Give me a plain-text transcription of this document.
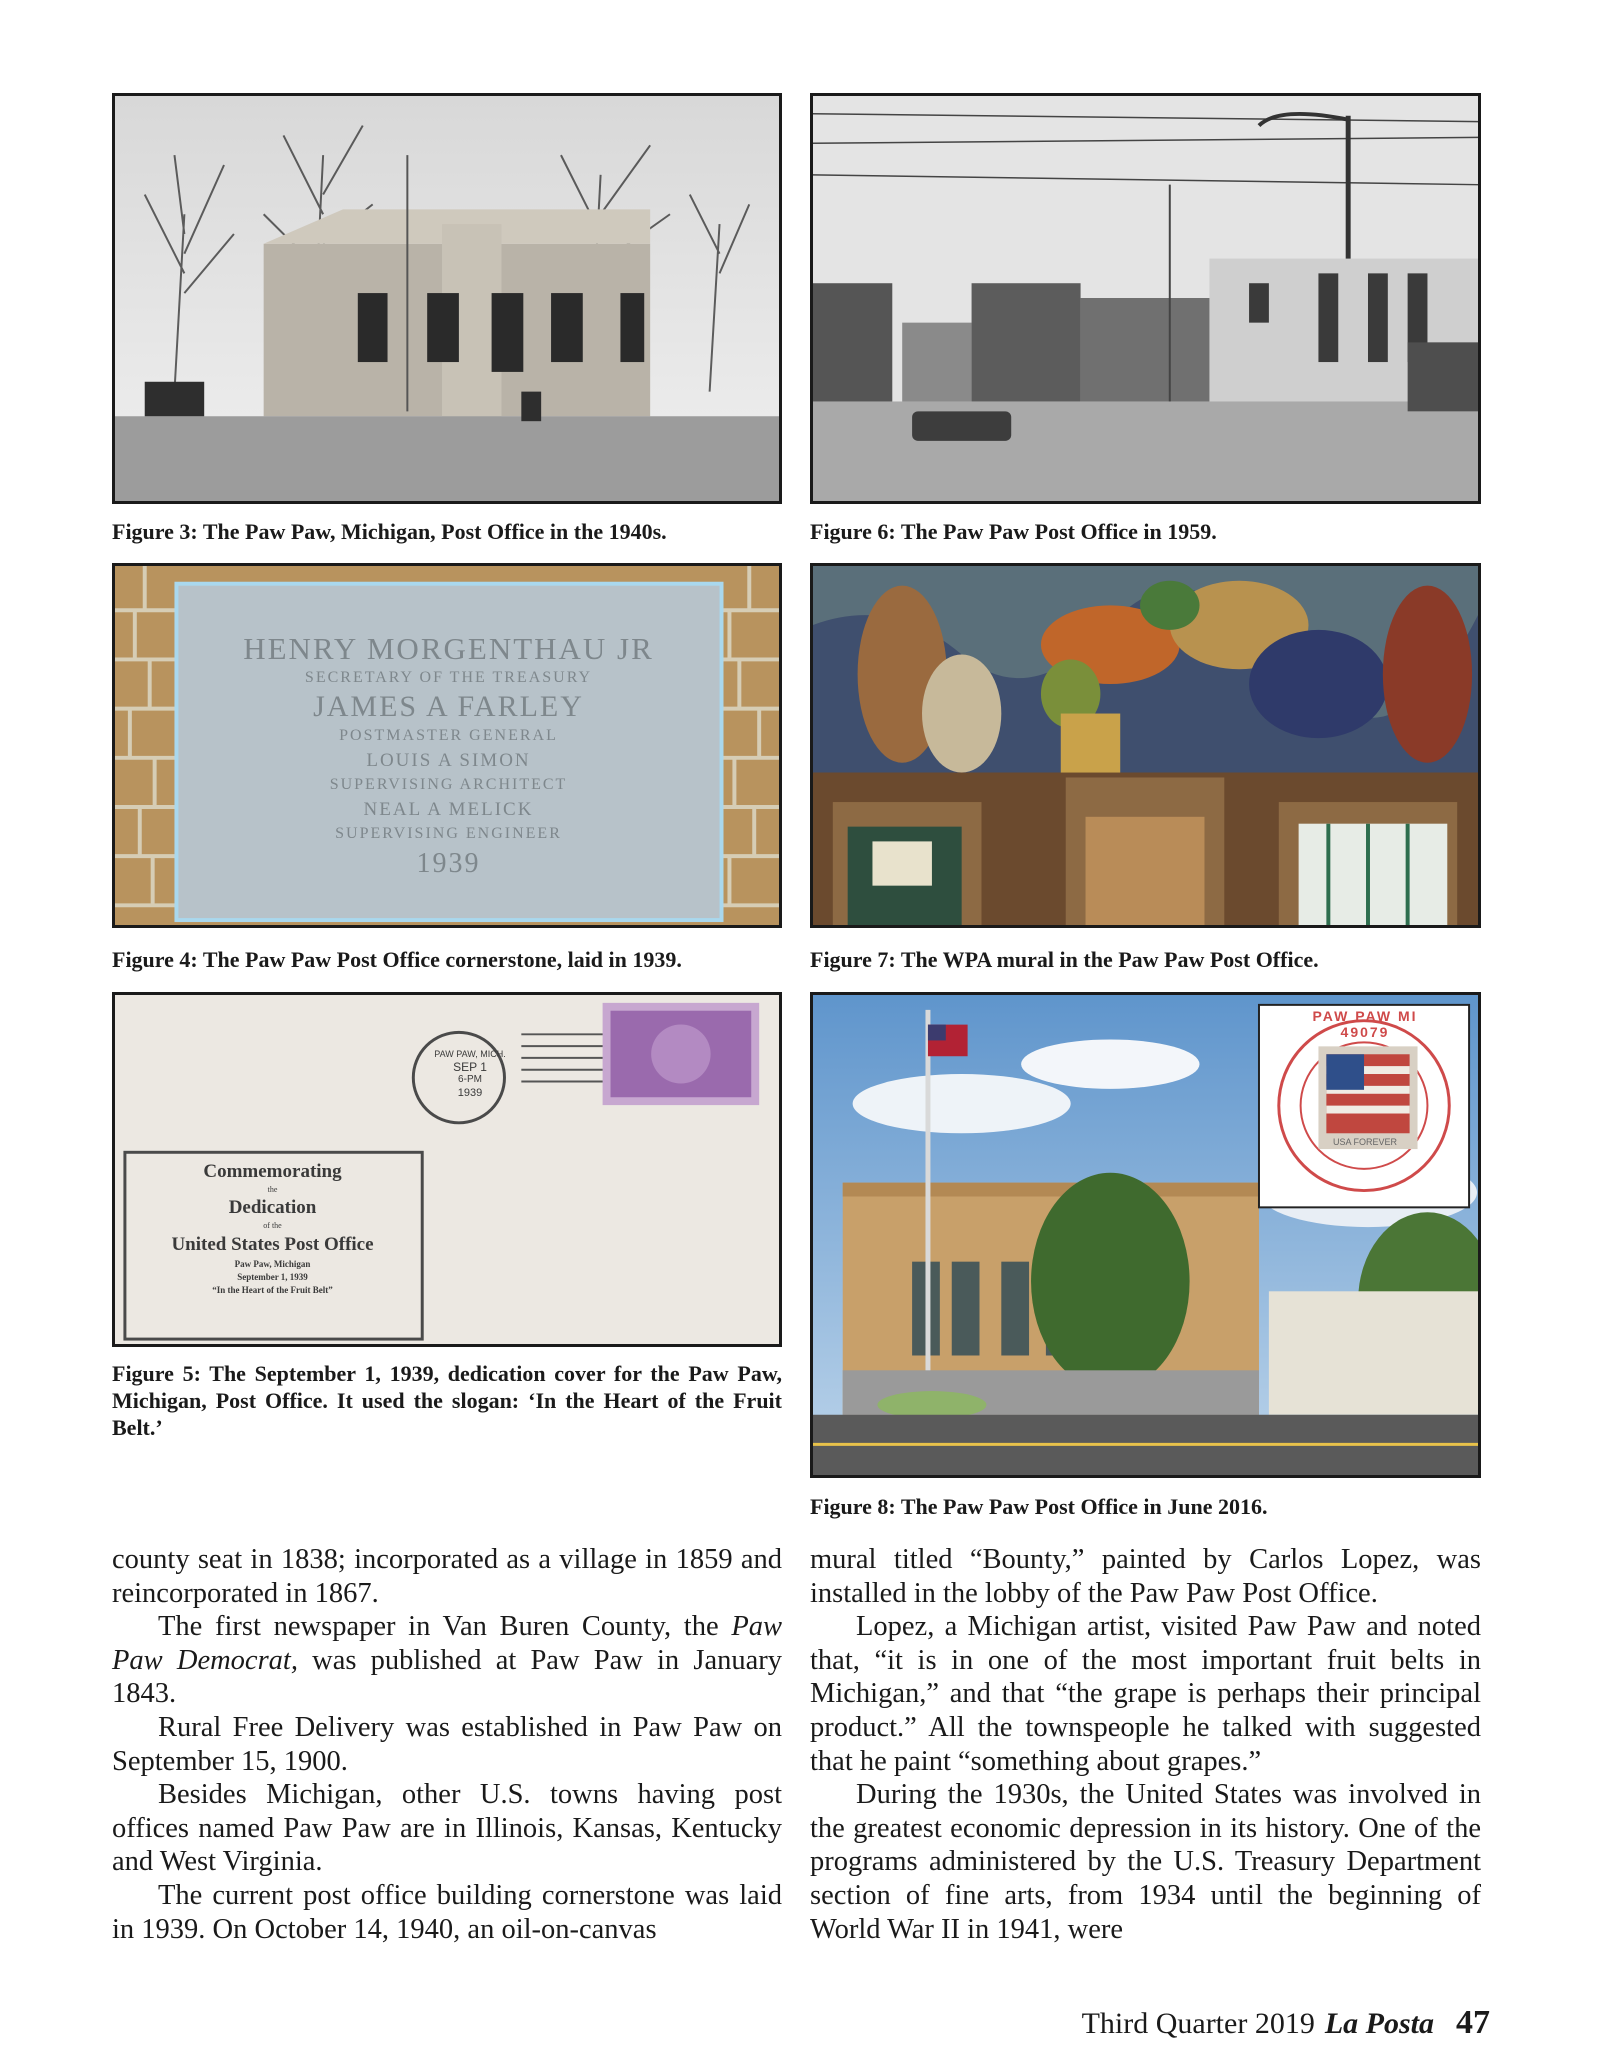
Figure 3: The Paw Paw, Michigan, Post Office in the 1940s.	Figure 6: The Paw Paw Post Office in 1959.

HENRY MORGENTHAU JR
SECRETARY OF THE TREASURY
JAMES A FARLEY
POSTMASTER GENERAL
LOUIS A SIMON
SUPERVISING ARCHITECT
NEAL A MELICK
SUPERVISING ENGINEER
1939

Figure 4: The Paw Paw Post Office cornerstone, laid in 1939.	Figure 7: The WPA mural in the Paw Paw Post Office.

PAW PAW, MICH.
SEP 1
6-PM
1939
Commemorating
the
Dedication
of the
United States Post Office
Paw Paw, Michigan
September 1, 1939
“In the Heart of the Fruit Belt”

Figure 5: The September 1, 1939, dedication cover for the Paw Paw, Michigan, Post Office. It used the slogan: ‘In the Heart of the Fruit Belt.’

PAW PAW MI 49079
USA FOREVER

Figure 8: The Paw Paw Post Office in June 2016.

county seat in 1838; incorporated as a village in 1859 and reincorporated in 1867.

The first newspaper in Van Buren County, the Paw Paw Democrat, was published at Paw Paw in January 1843.

Rural Free Delivery was established in Paw Paw on September 15, 1900.

Besides Michigan, other U.S. towns having post offices named Paw Paw are in Illinois, Kansas, Kentucky and West Virginia.

The current post office building cornerstone was laid in 1939. On October 14, 1940, an oil-on-canvas

mural titled “Bounty,” painted by Carlos Lopez, was installed in the lobby of the Paw Paw Post Office.

Lopez, a Michigan artist, visited Paw Paw and noted that, “it is in one of the most important fruit belts in Michigan,” and that “the grape is perhaps their principal product.” All the townspeople he talked with suggested that he paint “something about grapes.”

During the 1930s, the United States was involved in the greatest economic depression in its history. One of the programs administered by the U.S. Treasury Department section of fine arts, from 1934 until the beginning of World War II in 1941, were

Third Quarter 2019 La Posta 47
